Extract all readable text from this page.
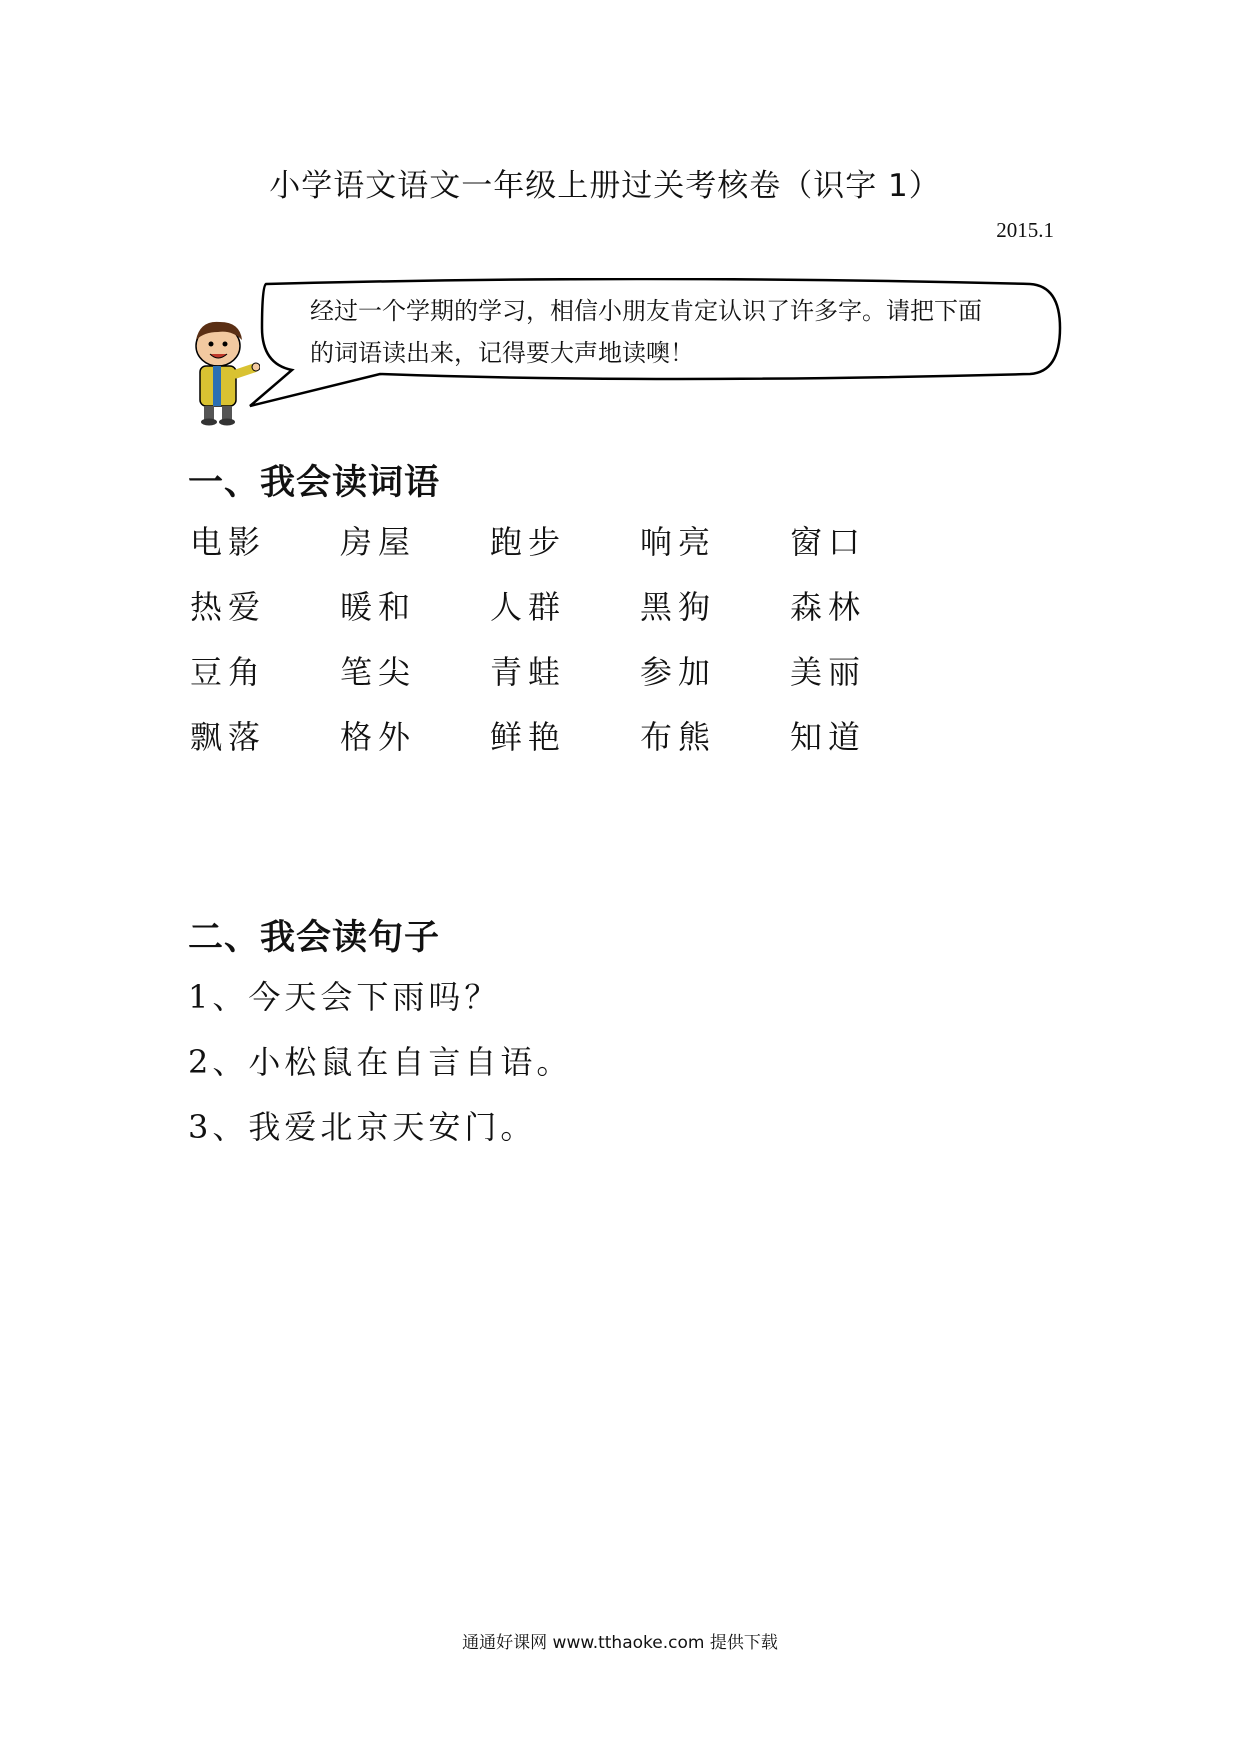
小学语文语文一年级上册过关考核卷（识字 1）
2015.1
经过一个学期的学习，相信小朋友肯定认识了许多字。请把下面
的词语读出来，记得要大声地读噢！
一、我会读词语
电影	房屋	跑步	响亮	窗口
热爱	暖和	人群	黑狗	森林
豆角	笔尖	青蛙	参加	美丽
飘落	格外	鲜艳	布熊	知道
二、我会读句子
1、今天会下雨吗？
2、小松鼠在自言自语。
3、我爱北京天安门。
通通好课网 www.tthaoke.com 提供下载
